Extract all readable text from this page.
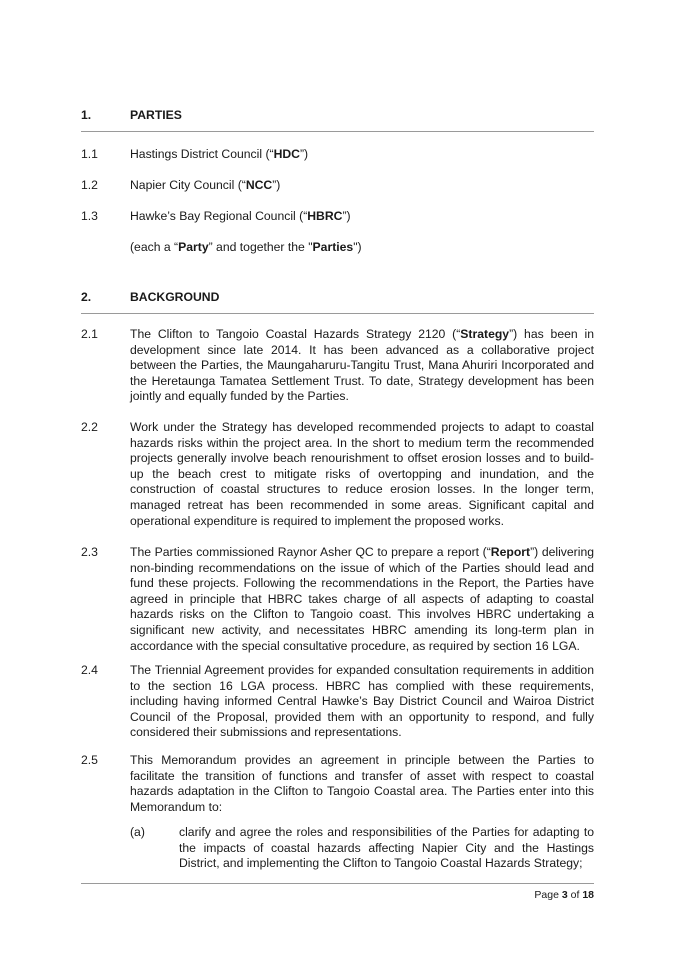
1.	PARTIES
1.1	Hastings District Council (“HDC”)
1.2	Napier City Council (“NCC”)
1.3	Hawke’s Bay Regional Council (“HBRC”)
(each a “Party” and together the "Parties")
2.	BACKGROUND
2.1	The Clifton to Tangoio Coastal Hazards Strategy 2120 (“Strategy”) has been in development since late 2014. It has been advanced as a collaborative project between the Parties, the Maungaharuru-Tangitu Trust, Mana Ahuriri Incorporated and the Heretaunga Tamatea Settlement Trust. To date, Strategy development has been jointly and equally funded by the Parties.
2.2	Work under the Strategy has developed recommended projects to adapt to coastal hazards risks within the project area. In the short to medium term the recommended projects generally involve beach renourishment to offset erosion losses and to build-up the beach crest to mitigate risks of overtopping and inundation, and the construction of coastal structures to reduce erosion losses. In the longer term, managed retreat has been recommended in some areas. Significant capital and operational expenditure is required to implement the proposed works.
2.3	The Parties commissioned Raynor Asher QC to prepare a report (“Report”) delivering non-binding recommendations on the issue of which of the Parties should lead and fund these projects. Following the recommendations in the Report, the Parties have agreed in principle that HBRC takes charge of all aspects of adapting to coastal hazards risks on the Clifton to Tangoio coast. This involves HBRC undertaking a significant new activity, and necessitates HBRC amending its long-term plan in accordance with the special consultative procedure, as required by section 16 LGA.
2.4	The Triennial Agreement provides for expanded consultation requirements in addition to the section 16 LGA process. HBRC has complied with these requirements, including having informed Central Hawke’s Bay District Council and Wairoa District Council of the Proposal, provided them with an opportunity to respond, and fully considered their submissions and representations.
2.5	This Memorandum provides an agreement in principle between the Parties to facilitate the transition of functions and transfer of asset with respect to coastal hazards adaptation in the Clifton to Tangoio Coastal area. The Parties enter into this Memorandum to:
(a)	clarify and agree the roles and responsibilities of the Parties for adapting to the impacts of coastal hazards affecting Napier City and the Hastings District, and implementing the Clifton to Tangoio Coastal Hazards Strategy;
Page 3 of 18
